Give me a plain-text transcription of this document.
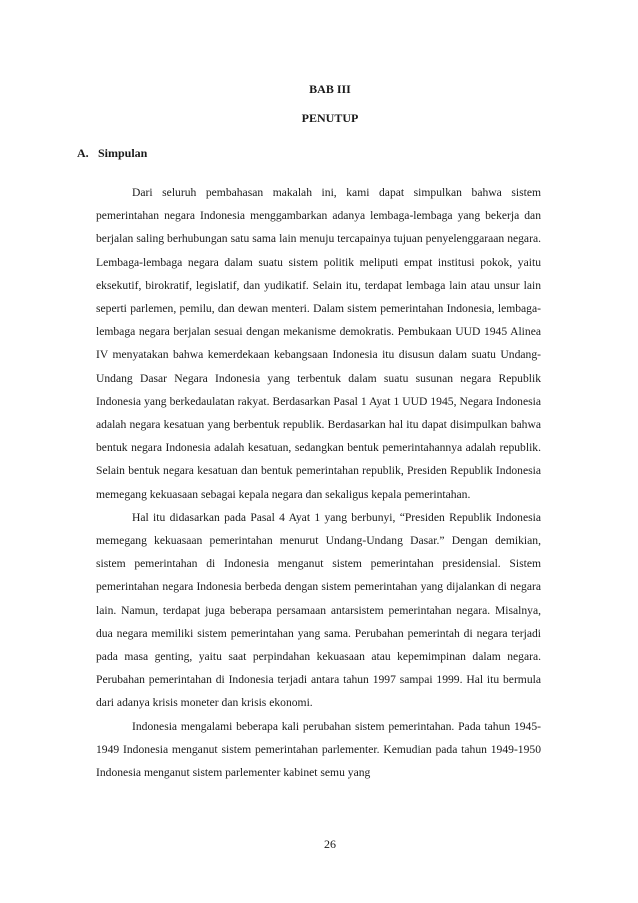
BAB III
PENUTUP
A. Simpulan

Dari seluruh pembahasan makalah ini, kami dapat simpulkan bahwa sistem pemerintahan negara Indonesia menggambarkan adanya lembaga-lembaga yang bekerja dan berjalan saling berhubungan satu sama lain menuju tercapainya tujuan penyelenggaraan negara. Lembaga-lembaga negara dalam suatu sistem politik meliputi empat institusi pokok, yaitu eksekutif, birokratif, legislatif, dan yudikatif. Selain itu, terdapat lembaga lain atau unsur lain seperti parlemen, pemilu, dan dewan menteri. Dalam sistem pemerintahan Indonesia, lembaga-lembaga negara berjalan sesuai dengan mekanisme demokratis. Pembukaan UUD 1945 Alinea IV menyatakan bahwa kemerdekaan kebangsaan Indonesia itu disusun dalam suatu Undang-Undang Dasar Negara Indonesia yang terbentuk dalam suatu susunan negara Republik Indonesia yang berkedaulatan rakyat. Berdasarkan Pasal 1 Ayat 1 UUD 1945, Negara Indonesia adalah negara kesatuan yang berbentuk republik. Berdasarkan hal itu dapat disimpulkan bahwa bentuk negara Indonesia adalah kesatuan, sedangkan bentuk pemerintahannya adalah republik. Selain bentuk negara kesatuan dan bentuk pemerintahan republik, Presiden Republik Indonesia memegang kekuasaan sebagai kepala negara dan sekaligus kepala pemerintahan.

Hal itu didasarkan pada Pasal 4 Ayat 1 yang berbunyi, “Presiden Republik Indonesia memegang kekuasaan pemerintahan menurut Undang-Undang Dasar.” Dengan demikian, sistem pemerintahan di Indonesia menganut sistem pemerintahan presidensial. Sistem pemerintahan negara Indonesia berbeda dengan sistem pemerintahan yang dijalankan di negara lain. Namun, terdapat juga beberapa persamaan antarsistem pemerintahan negara. Misalnya, dua negara memiliki sistem pemerintahan yang sama. Perubahan pemerintah di negara terjadi pada masa genting, yaitu saat perpindahan kekuasaan atau kepemimpinan dalam negara. Perubahan pemerintahan di Indonesia terjadi antara tahun 1997 sampai 1999. Hal itu bermula dari adanya krisis moneter dan krisis ekonomi.

Indonesia mengalami beberapa kali perubahan sistem pemerintahan. Pada tahun 1945-1949 Indonesia menganut sistem pemerintahan parlementer. Kemudian pada tahun 1949-1950 Indonesia menganut sistem parlementer kabinet semu yang

26
